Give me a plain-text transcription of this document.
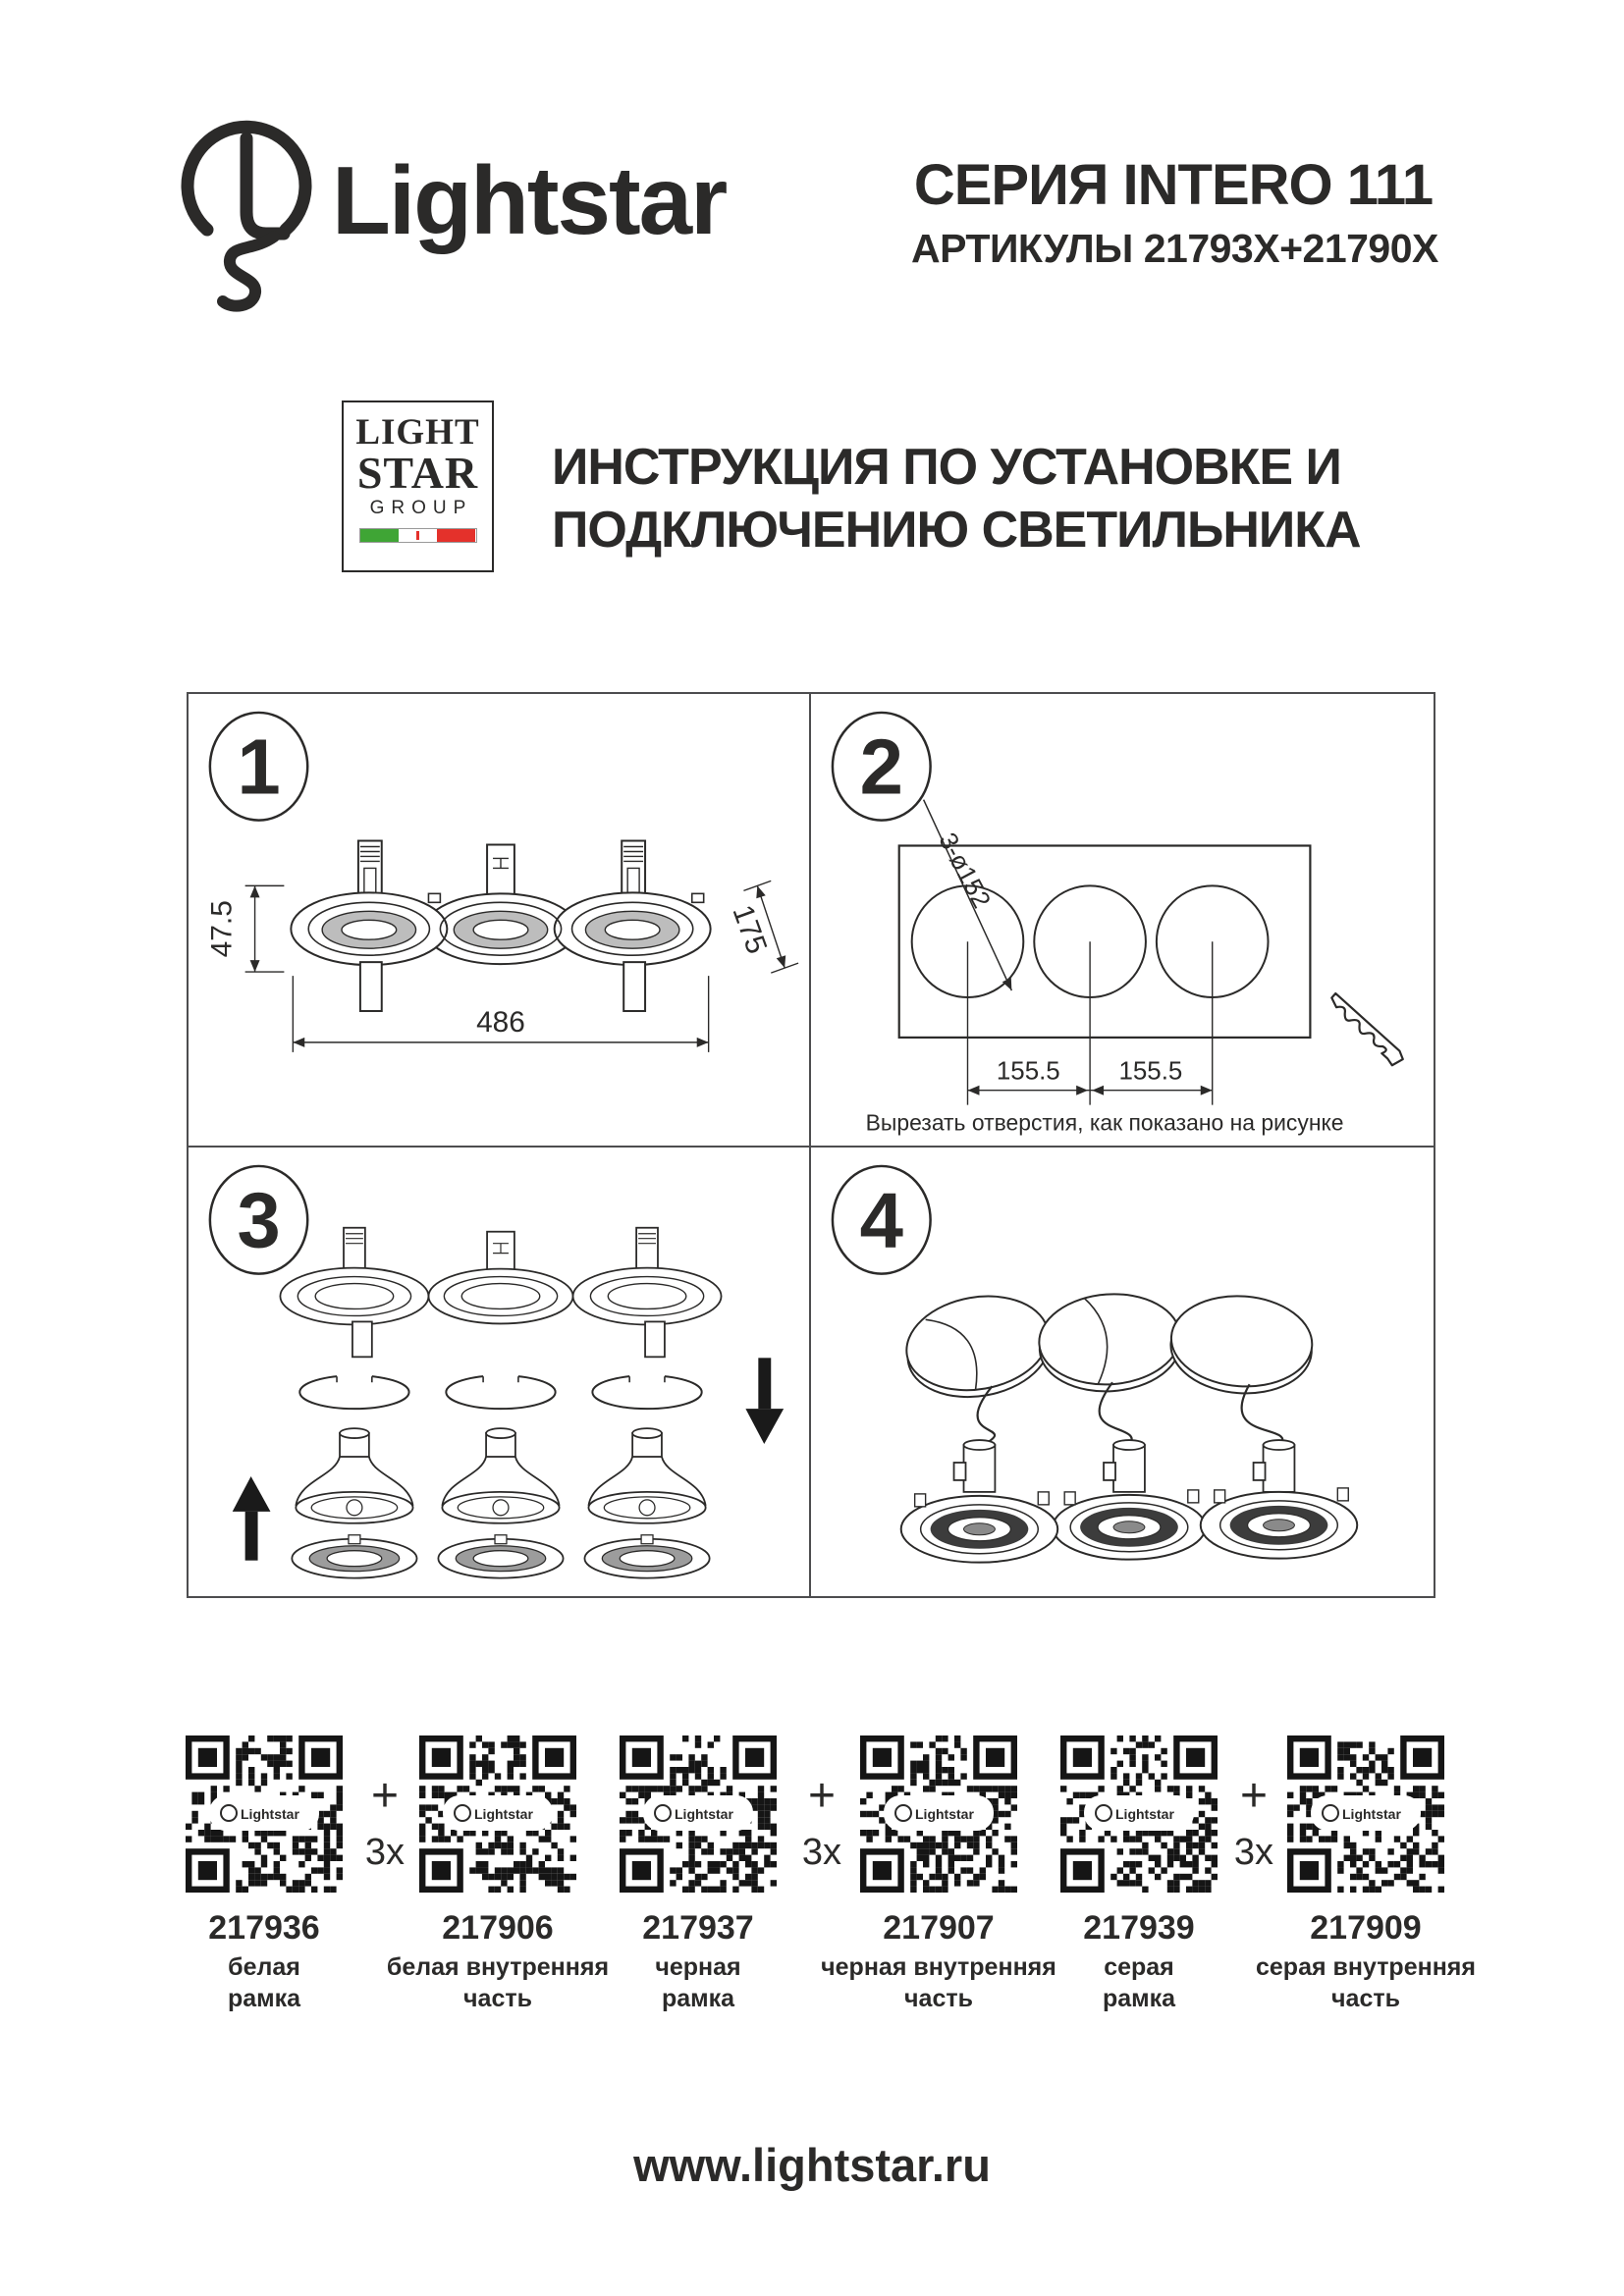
Lightstar	СЕРИЯ INTERO 111
АРТИКУЛЫ 21793X+21790X
LIGHT
STAR
GROUP
ИНСТРУКЦИЯ ПО УСТАНОВКЕ И
ПОДКЛЮЧЕНИЮ СВЕТИЛЬНИКА
1
47.5
486
175
2
3-ø152
155.5 155.5
Вырезать отверстия, как показано на рисунке
3	4
Lightstar
217936
белая
рамка
Lightstar
217906
белая внутренняя
часть
Lightstar
217937
черная
рамка
Lightstar
217907
черная внутренняя
часть
Lightstar
217939
серая
рамка
Lightstar
217909
серая внутренняя
часть
+
3x
+
3x
+
3x
www.lightstar.ru
